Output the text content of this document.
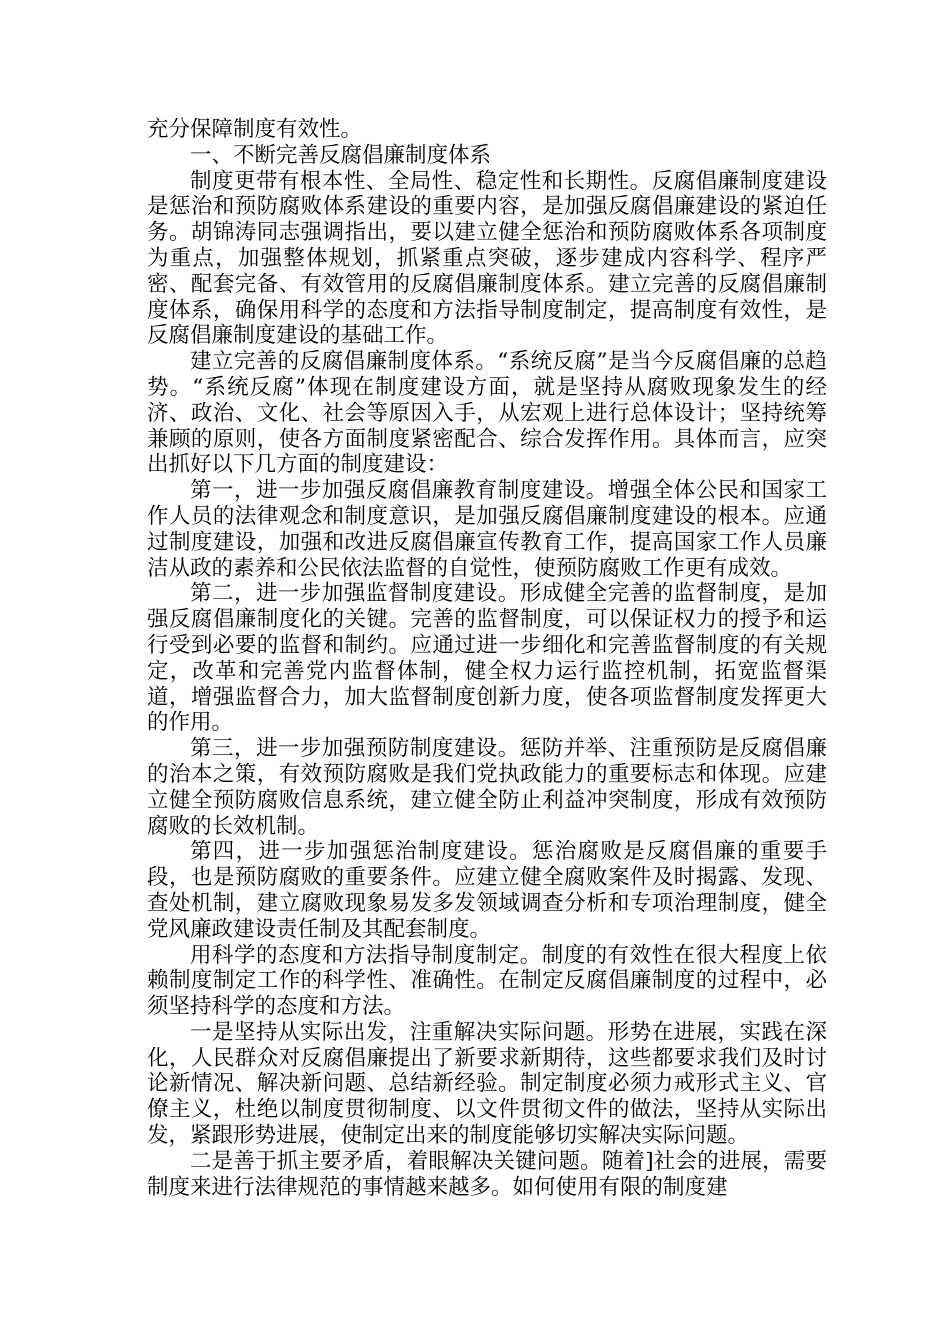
充分保障制度有效性。

一、不断完善反腐倡廉制度体系

制度更带有根本性、全局性、稳定性和长期性。反腐倡廉制度建设是惩治和预防腐败体系建设的重要内容，是加强反腐倡廉建设的紧迫任务。胡锦涛同志强调指出，要以建立健全惩治和预防腐败体系各项制度为重点，加强整体规划，抓紧重点突破，逐步建成内容科学、程序严密、配套完备、有效管用的反腐倡廉制度体系。建立完善的反腐倡廉制度体系，确保用科学的态度和方法指导制度制定，提高制度有效性，是反腐倡廉制度建设的基础工作。

建立完善的反腐倡廉制度体系。“系统反腐”是当今反腐倡廉的总趋势。“系统反腐”体现在制度建设方面，就是坚持从腐败现象发生的经济、政治、文化、社会等原因入手，从宏观上进行总体设计；坚持统筹兼顾的原则，使各方面制度紧密配合、综合发挥作用。具体而言，应突出抓好以下几方面的制度建设：

第一，进一步加强反腐倡廉教育制度建设。增强全体公民和国家工作人员的法律观念和制度意识，是加强反腐倡廉制度建设的根本。应通过制度建设，加强和改进反腐倡廉宣传教育工作，提高国家工作人员廉洁从政的素养和公民依法监督的自觉性，使预防腐败工作更有成效。

第二，进一步加强监督制度建设。形成健全完善的监督制度，是加强反腐倡廉制度化的关键。完善的监督制度，可以保证权力的授予和运行受到必要的监督和制约。应通过进一步细化和完善监督制度的有关规定，改革和完善党内监督体制，健全权力运行监控机制，拓宽监督渠道，增强监督合力，加大监督制度创新力度，使各项监督制度发挥更大的作用。

第三，进一步加强预防制度建设。惩防并举、注重预防是反腐倡廉的治本之策，有效预防腐败是我们党执政能力的重要标志和体现。应建立健全预防腐败信息系统，建立健全防止利益冲突制度，形成有效预防腐败的长效机制。

第四，进一步加强惩治制度建设。惩治腐败是反腐倡廉的重要手段，也是预防腐败的重要条件。应建立健全腐败案件及时揭露、发现、查处机制，建立腐败现象易发多发领域调查分析和专项治理制度，健全党风廉政建设责任制及其配套制度。

用科学的态度和方法指导制度制定。制度的有效性在很大程度上依赖制度制定工作的科学性、准确性。在制定反腐倡廉制度的过程中，必须坚持科学的态度和方法。

一是坚持从实际出发，注重解决实际问题。形势在进展，实践在深化，人民群众对反腐倡廉提出了新要求新期待，这些都要求我们及时讨论新情况、解决新问题、总结新经验。制定制度必须力戒形式主义、官僚主义，杜绝以制度贯彻制度、以文件贯彻文件的做法，坚持从实际出发，紧跟形势进展，使制定出来的制度能够切实解决实际问题。

二是善于抓主要矛盾，着眼解决关键问题。随着]社会的进展，需要制度来进行法律规范的事情越来越多。如何使用有限的制度建
